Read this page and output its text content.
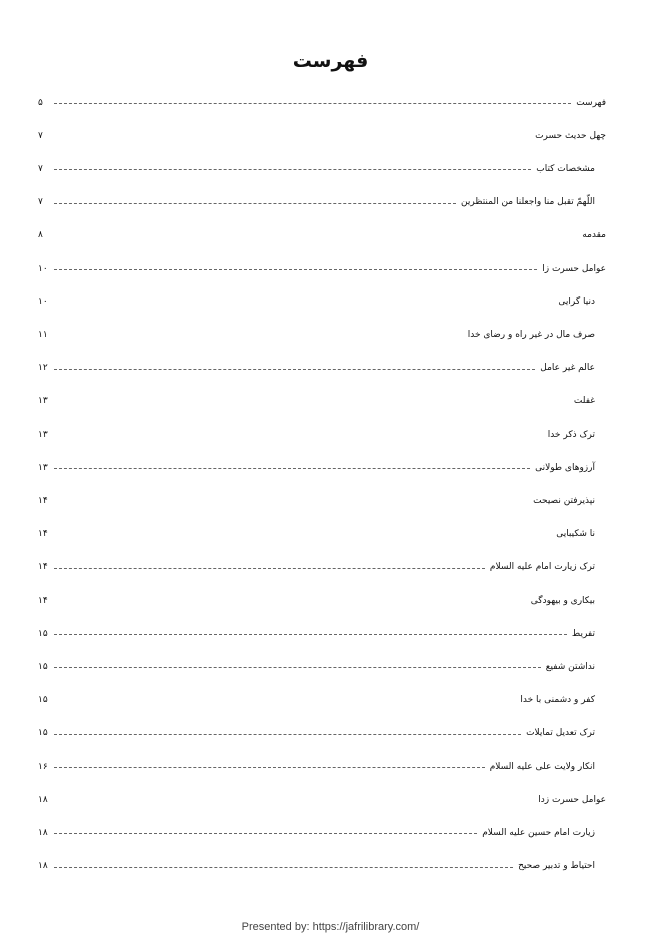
فهرست
فهرست
۵
چهل حدیث حسرت
۷
مشخصات کتاب
۷
اللّهمّ تقبل منا واجعلنا من المنتظرین
۷
مقدمه
۸
عوامل حسرت زا
۱۰
دنیا گرایی
۱۰
صرف مال در غیر راه و رضای خدا
۱۱
عالم غیر عامل
۱۲
غفلت
۱۳
ترک ذکر خدا
۱۳
آرزوهای طولانی
۱۳
نپذیرفتن نصیحت
۱۴
نا شکیبایی
۱۴
ترک زیارت امام علیه السلام
۱۴
بیکاری و بیهودگی
۱۴
تفریط
۱۵
نداشتن شفیع
۱۵
کفر و دشمنی با خدا
۱۵
ترک تعدیل تمایلات
۱۵
انکار ولایت علی علیه السلام
۱۶
عوامل حسرت زدا
۱۸
زیارت امام حسین علیه السلام
۱۸
احتیاط و تدبیر صحیح
۱۸
Presented by: https://jafrilibrary.com/
